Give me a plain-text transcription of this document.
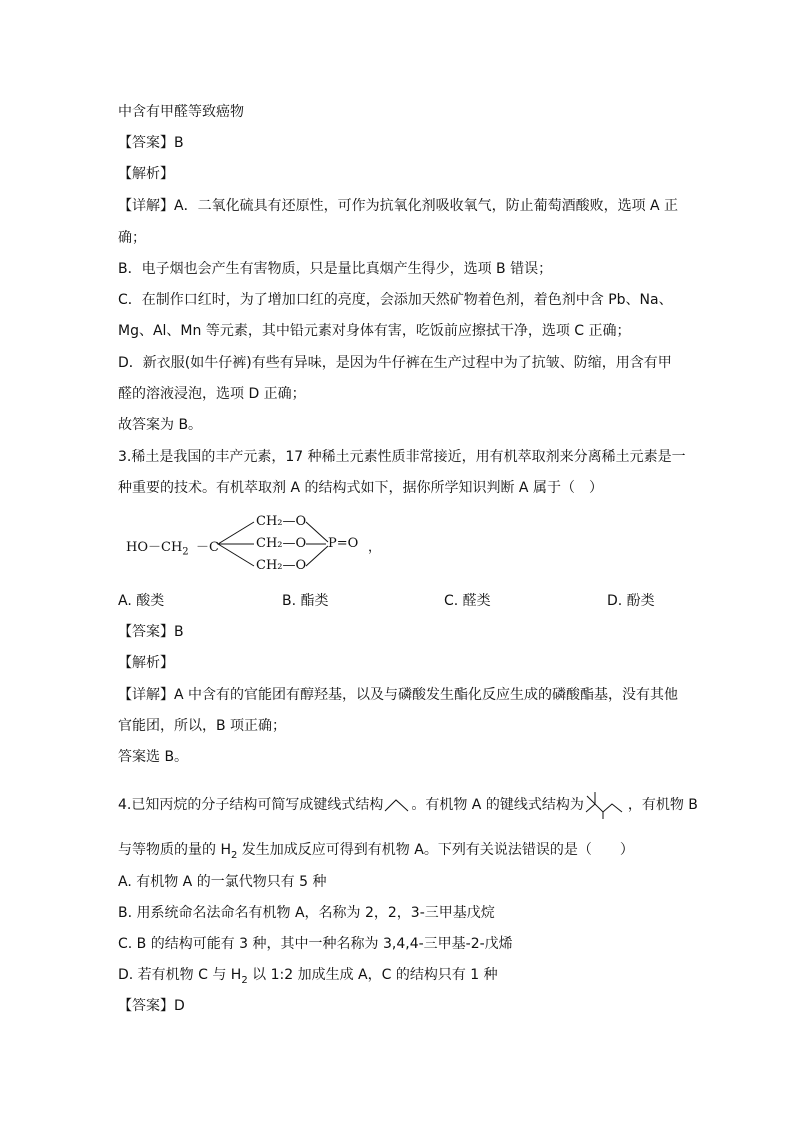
中含有甲醛等致癌物
【答案】B
【解析】
【详解】A．二氧化硫具有还原性，可作为抗氧化剂吸收氧气，防止葡萄酒酸败，选项 A 正
确；
B．电子烟也会产生有害物质，只是量比真烟产生得少，选项 B 错误；
C．在制作口红时，为了增加口红的亮度，会添加天然矿物着色剂，着色剂中含 Pb、Na、
Mg、Al、Mn 等元素，其中铅元素对身体有害，吃饭前应擦拭干净，选项 C 正确；
D．新衣服(如牛仔裤)有些有异味，是因为牛仔裤在生产过程中为了抗皱、防缩，用含有甲
醛的溶液浸泡，选项 D 正确；
故答案为 B。
3.稀土是我国的丰产元素，17 种稀土元素性质非常接近，用有机萃取剂来分离稀土元素是一
种重要的技术。有机萃取剂 A 的结构式如下，据你所学知识判断 A 属于（　）
$HO-CH_2 -C$
CH₂—O
CH₂—O
CH₂—O
P=O ，
A. 酸类	B. 酯类	C. 醛类	D. 酚类
【答案】B
【解析】
【详解】A 中含有的官能团有醇羟基，以及与磷酸发生酯化反应生成的磷酸酯基，没有其他
官能团，所以，B 项正确；
答案选 B。
4.已知丙烷的分子结构可简写成键线式结构 。有机物 A 的键线式结构为	，有机物 B
与等物质的量的 $H_2$ 发生加成反应可得到有机物 A。下列有关说法错误的是（　　）
A. 有机物 A 的一氯代物只有 5 种
B. 用系统命名法命名有机物 A，名称为 2，2，3-三甲基戊烷
C. B 的结构可能有 3 种，其中一种名称为 3,4,4-三甲基-2-戊烯
D. 若有机物 C 与 $H_2$ 以 1:2 加成生成 A，C 的结构只有 1 种
【答案】D
